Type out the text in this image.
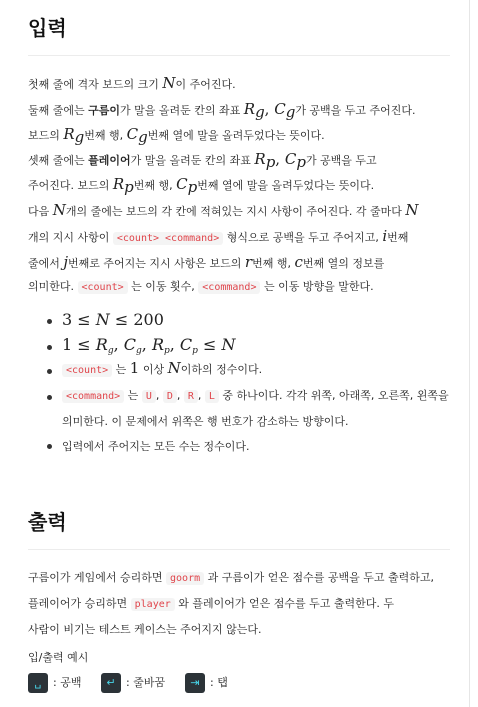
입력
첫째 줄에 격자 보드의 크기 N이 주어진다.
둘째 줄에는 구름이가 말을 올려둔 칸의 좌표 $R_g$, $C_g$가 공백을 두고 주어진다.
보드의 $R_g$번째 행, $C_g$번째 열에 말을 올려두었다는 뜻이다.
셋째 줄에는 플레이어가 말을 올려둔 칸의 좌표 $R_p$, $C_p$가 공백을 두고
주어진다. 보드의 $R_p$번째 행, $C_p$번째 열에 말을 올려두었다는 뜻이다.
다음 N개의 줄에는 보드의 각 칸에 적혀있는 지시 사항이 주어진다. 각 줄마다 N
개의 지시 사항이 <count> <command> 형식으로 공백을 두고 주어지고, i번째
줄에서 j번째로 주어지는 지시 사항은 보드의 r번째 행, c번째 열의 정보를
의미한다. <count> 는 이동 횟수, <command> 는 이동 방향을 말한다.
3 ≤ N ≤ 200
$1 \le R_g$, $C_g$, $R_p$, $C_p \le N$
<count> 는 1 이상 N이하의 정수이다.
<command> 는 U , D , R , L 중 하나이다. 각각 위쪽, 아래쪽, 오른쪽, 왼쪽을
의미한다. 이 문제에서 위쪽은 행 번호가 감소하는 방향이다.
입력에서 주어지는 모든 수는 정수이다.
출력
구름이가 게임에서 승리하면 goorm 과 구름이가 얻은 점수를 공백을 두고 출력하고,
플레이어가 승리하면 player 와 플레이어가 얻은 점수를 두고 출력한다. 두
사람이 비기는 테스트 케이스는 주어지지 않는다.
입/출력 예시
␣	: 공백	↵ : 줄바꿈	⇥ : 탭
